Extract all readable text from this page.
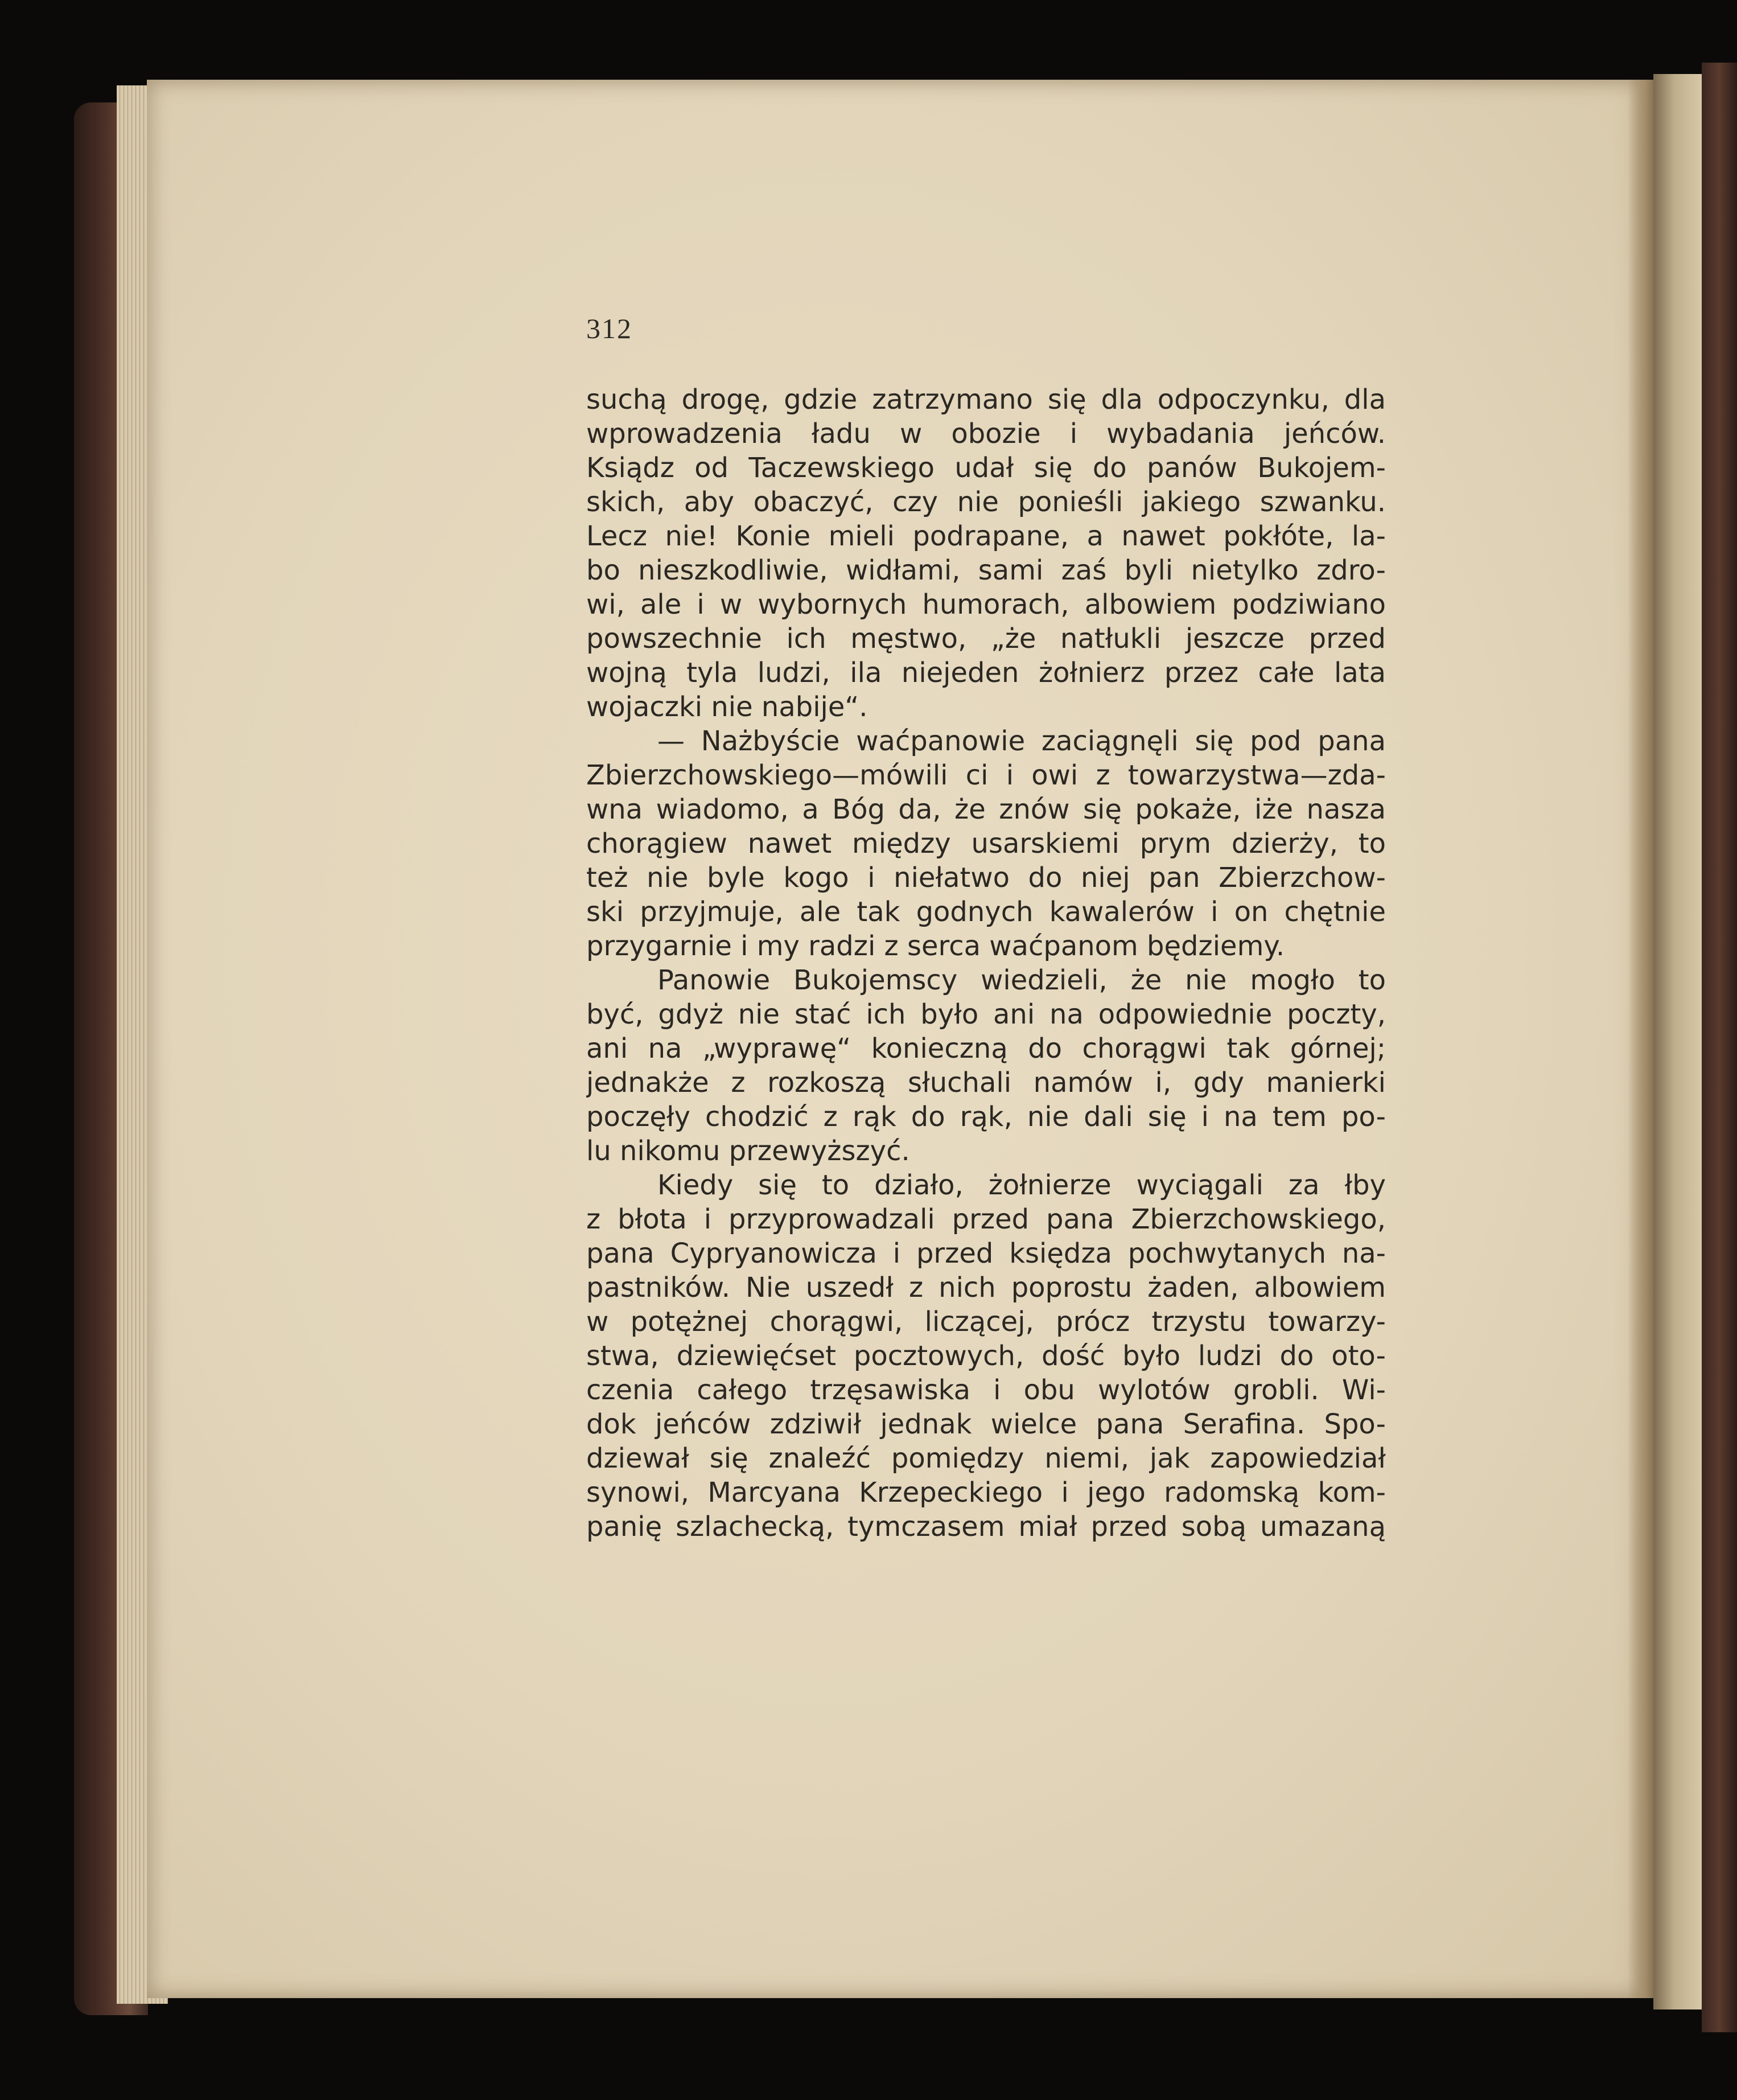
312

suchą drogę, gdzie zatrzymano się dla odpoczynku, dla
wprowadzenia ładu w obozie i wybadania jeńców.
Ksiądz od Taczewskiego udał się do panów Bukojem-
skich, aby obaczyć, czy nie ponieśli jakiego szwanku.
Lecz nie! Konie mieli podrapane, a nawet pokłóte, la-
bo nieszkodliwie, widłami, sami zaś byli nietylko zdro-
wi, ale i w wybornych humorach, albowiem podziwiano
powszechnie ich męstwo, „że natłukli jeszcze przed
wojną tyla ludzi, ila niejeden żołnierz przez całe lata
wojaczki nie nabije“.
— Nażbyście waćpanowie zaciągnęli się pod pana
Zbierzchowskiego—mówili ci i owi z towarzystwa—zda-
wna wiadomo, a Bóg da, że znów się pokaże, iże nasza
chorągiew nawet między usarskiemi prym dzierży, to
też nie byle kogo i niełatwo do niej pan Zbierzchow-
ski przyjmuje, ale tak godnych kawalerów i on chętnie
przygarnie i my radzi z serca waćpanom będziemy.
Panowie Bukojemscy wiedzieli, że nie mogło to
być, gdyż nie stać ich było ani na odpowiednie poczty,
ani na „wyprawę“ konieczną do chorągwi tak górnej;
jednakże z rozkoszą słuchali namów i, gdy manierki
poczęły chodzić z rąk do rąk, nie dali się i na tem po-
lu nikomu przewyższyć.
Kiedy się to działo, żołnierze wyciągali za łby
z błota i przyprowadzali przed pana Zbierzchowskiego,
pana Cypryanowicza i przed księdza pochwytanych na-
pastników. Nie uszedł z nich poprostu żaden, albowiem
w potężnej chorągwi, liczącej, prócz trzystu towarzy-
stwa, dziewięćset pocztowych, dość było ludzi do oto-
czenia całego trzęsawiska i obu wylotów grobli. Wi-
dok jeńców zdziwił jednak wielce pana Serafina. Spo-
dziewał się znaleźć pomiędzy niemi, jak zapowiedział
synowi, Marcyana Krzepeckiego i jego radomską kom-
panię szlachecką, tymczasem miał przed sobą umazaną
